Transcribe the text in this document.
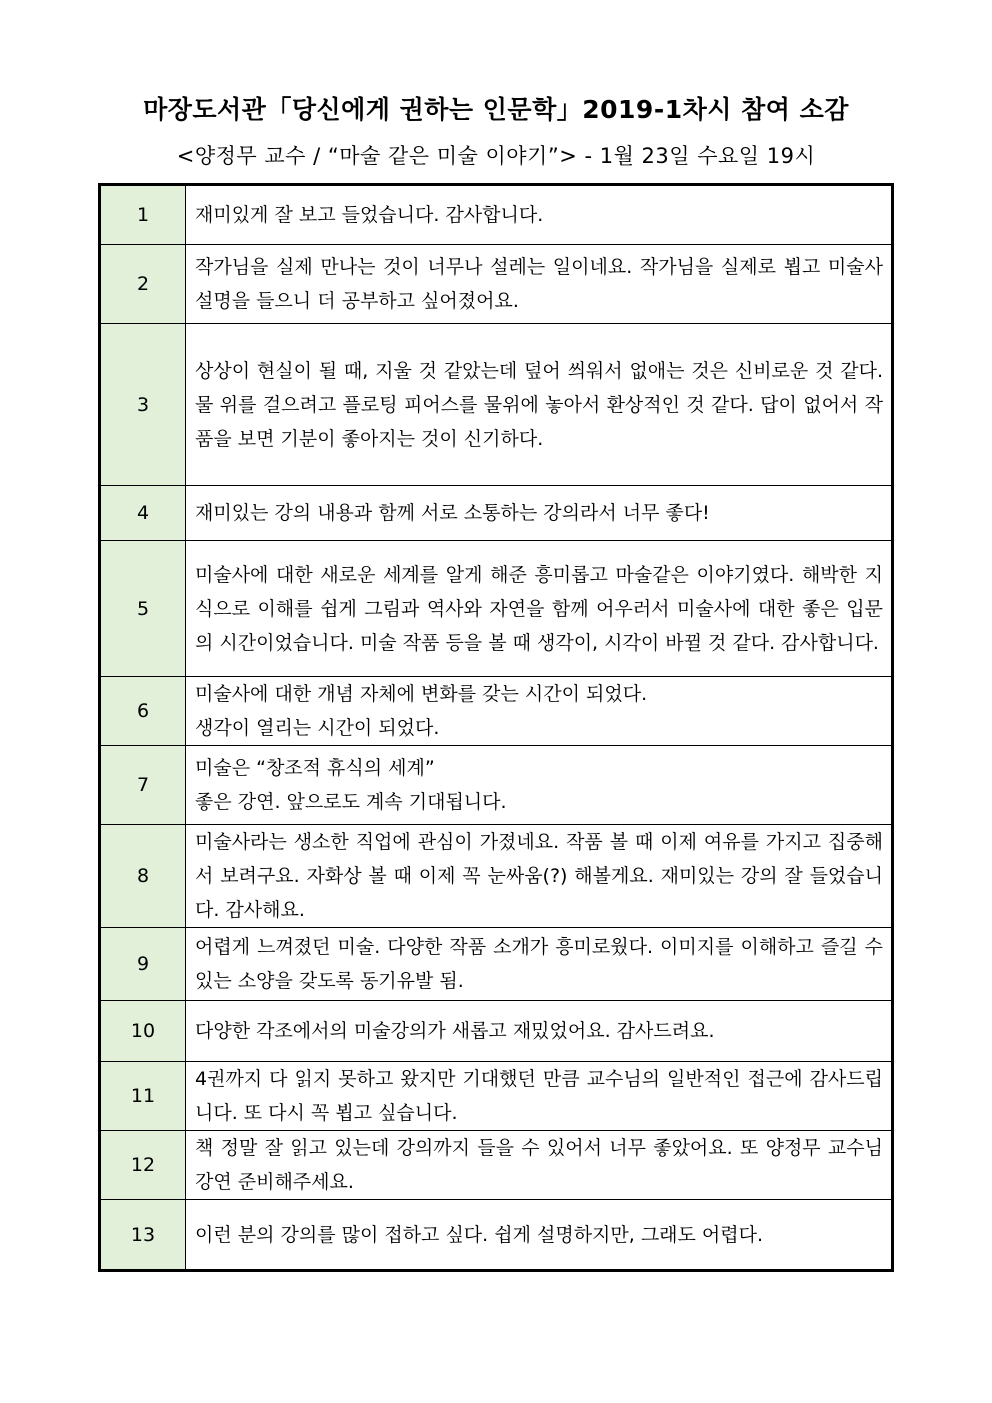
마장도서관「당신에게 권하는 인문학」2019-1차시 참여 소감
<양정무 교수 / “마술 같은 미술 이야기”> - 1월 23일 수요일 19시
1	재미있게 잘 보고 들었습니다. 감사합니다.
2	작가님을 실제 만나는 것이 너무나 설레는 일이네요. 작가님을 실제로 뵙고 미술사 설명을 들으니 더 공부하고 싶어졌어요.
3	상상이 현실이 될 때, 지울 것 같았는데 덮어 씌워서 없애는 것은 신비로운 것 같다. 물 위를 걸으려고 플로팅 피어스를 물위에 놓아서 환상적인 것 같다. 답이 없어서 작품을 보면 기분이 좋아지는 것이 신기하다.
4	재미있는 강의 내용과 함께 서로 소통하는 강의라서 너무 좋다!
5	미술사에 대한 새로운 세계를 알게 해준 흥미롭고 마술같은 이야기였다. 해박한 지식으로 이해를 쉽게 그림과 역사와 자연을 함께 어우러서 미술사에 대한 좋은 입문의 시간이었습니다. 미술 작품 등을 볼 때 생각이, 시각이 바뀔 것 같다. 감사합니다.
6	미술사에 대한 개념 자체에 변화를 갖는 시간이 되었다.
생각이 열리는 시간이 되었다.
7	미술은 “창조적 휴식의 세계”
좋은 강연. 앞으로도 계속 기대됩니다.
8	미술사라는 생소한 직업에 관심이 가졌네요. 작품 볼 때 이제 여유를 가지고 집중해서 보려구요. 자화상 볼 때 이제 꼭 눈싸움(?) 해볼게요. 재미있는 강의 잘 들었습니다. 감사해요.
9	어렵게 느껴졌던 미술. 다양한 작품 소개가 흥미로웠다. 이미지를 이해하고 즐길 수 있는 소양을 갖도록 동기유발 됨.
10	다양한 각조에서의 미술강의가 새롭고 재밌었어요. 감사드려요.
11	4권까지 다 읽지 못하고 왔지만 기대했던 만큼 교수님의 일반적인 접근에 감사드립니다. 또 다시 꼭 뵙고 싶습니다.
12	책 정말 잘 읽고 있는데 강의까지 들을 수 있어서 너무 좋았어요. 또 양정무 교수님 강연 준비해주세요.
13	이런 분의 강의를 많이 접하고 싶다. 쉽게 설명하지만, 그래도 어렵다.
